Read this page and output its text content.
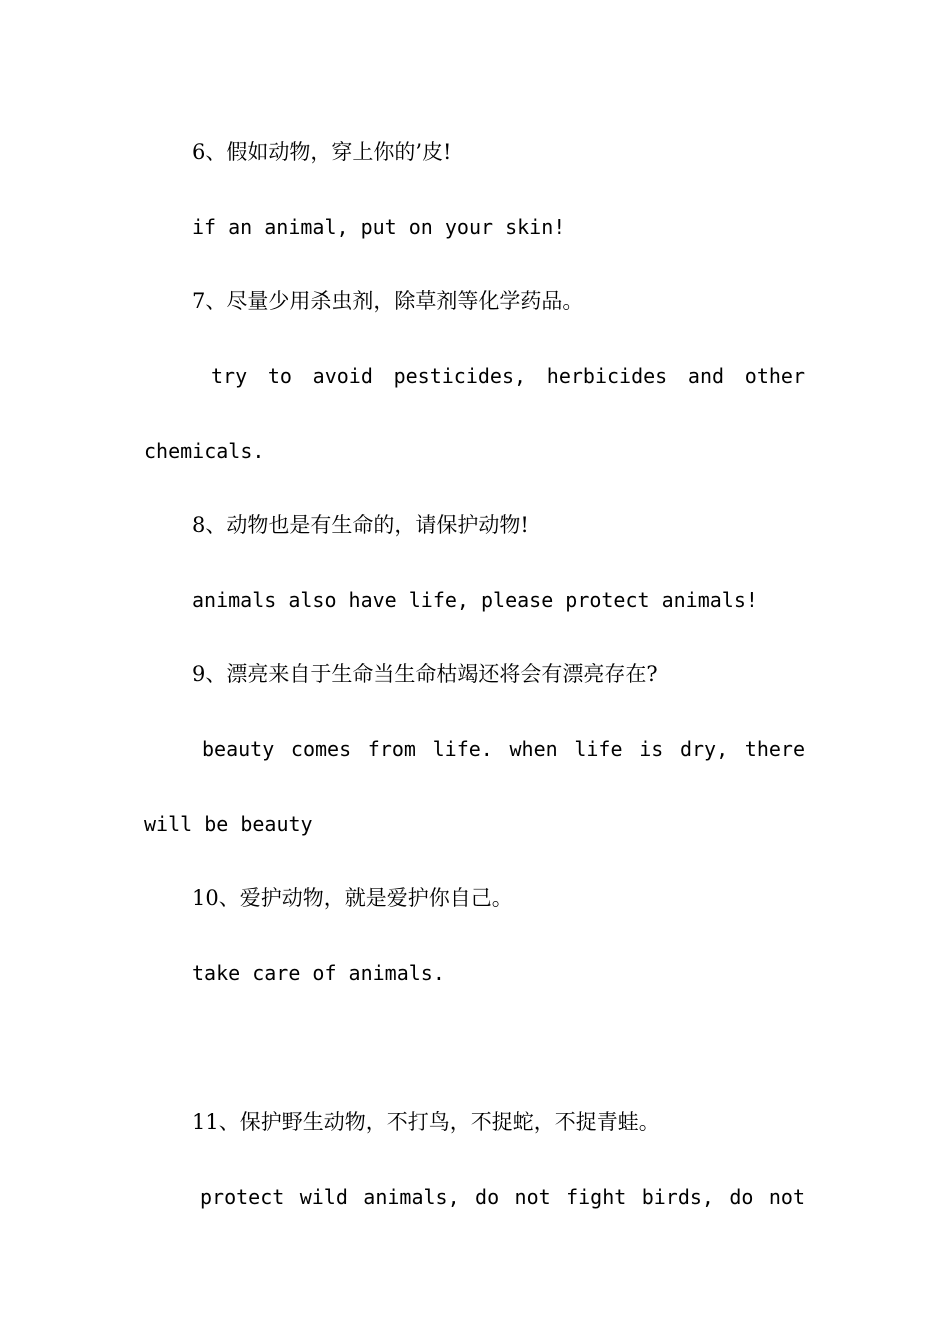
6、假如动物，穿上你的’皮!
if an animal, put on your skin!
7、尽量少用杀虫剂，除草剂等化学药品。
try to avoid pesticides, herbicides and other
chemicals.
8、动物也是有生命的，请保护动物!
animals also have life, please protect animals!
9、漂亮来自于生命当生命枯竭还将会有漂亮存在?
beauty comes from life. when life is dry, there
will be beauty
10、爱护动物，就是爱护你自己。
take care of animals.
11、保护野生动物，不打鸟，不捉蛇，不捉青蛙。
protect wild animals, do not fight birds, do not
